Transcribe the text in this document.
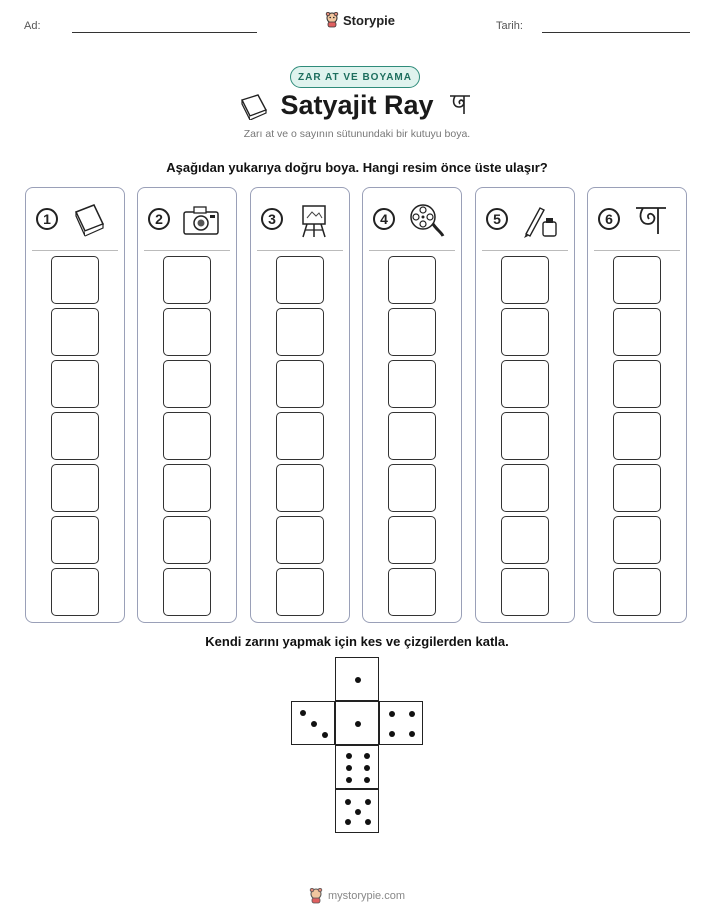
Ad:	Storypie	Tarih:
ZAR AT VE BOYAMA
Satyajit Ray
Zarı at ve o sayının sütunundaki bir kutuyu boya.
Aşağıdan yukarıya doğru boya. Hangi resim önce üste ulaşır?
1	2	3	4	5	6
Kendi zarını yapmak için kes ve çizgilerden katla.
mystorypie.com
